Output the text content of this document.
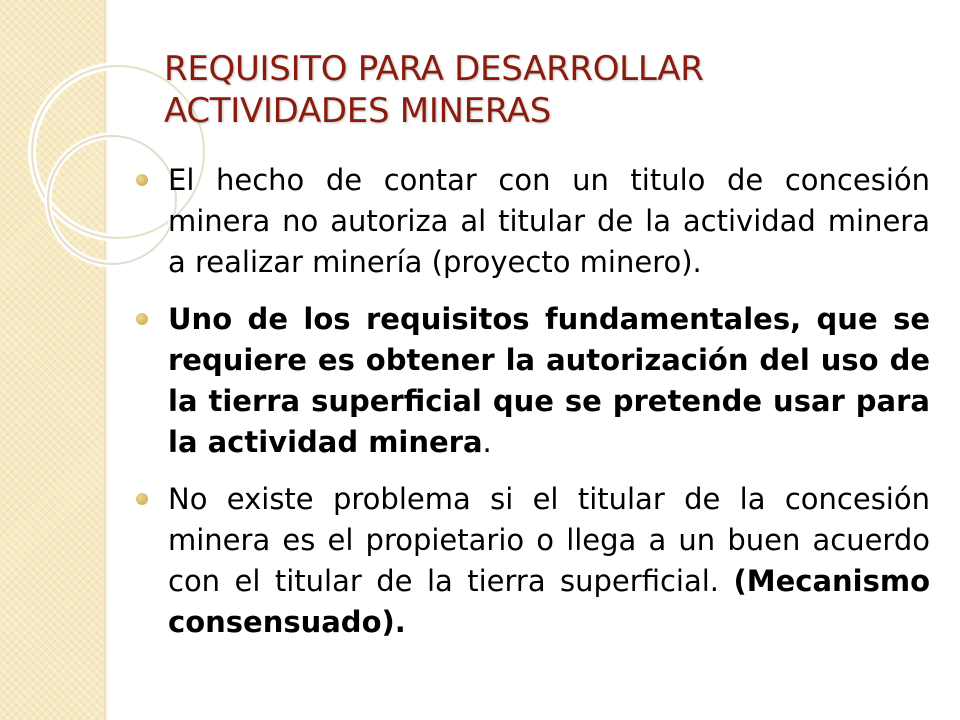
REQUISITO PARA DESARROLLAR ACTIVIDADES MINERAS
El hecho de contar con un titulo de concesión minera no autoriza al titular de la actividad minera a realizar minería (proyecto minero).
Uno de los requisitos fundamentales, que se requiere es obtener la autorización del uso de la tierra superficial que se pretende usar para la actividad minera.
No existe problema si el titular de la concesión minera es el propietario o llega a un buen acuerdo con el titular de la tierra superficial. (Mecanismo consensuado).
